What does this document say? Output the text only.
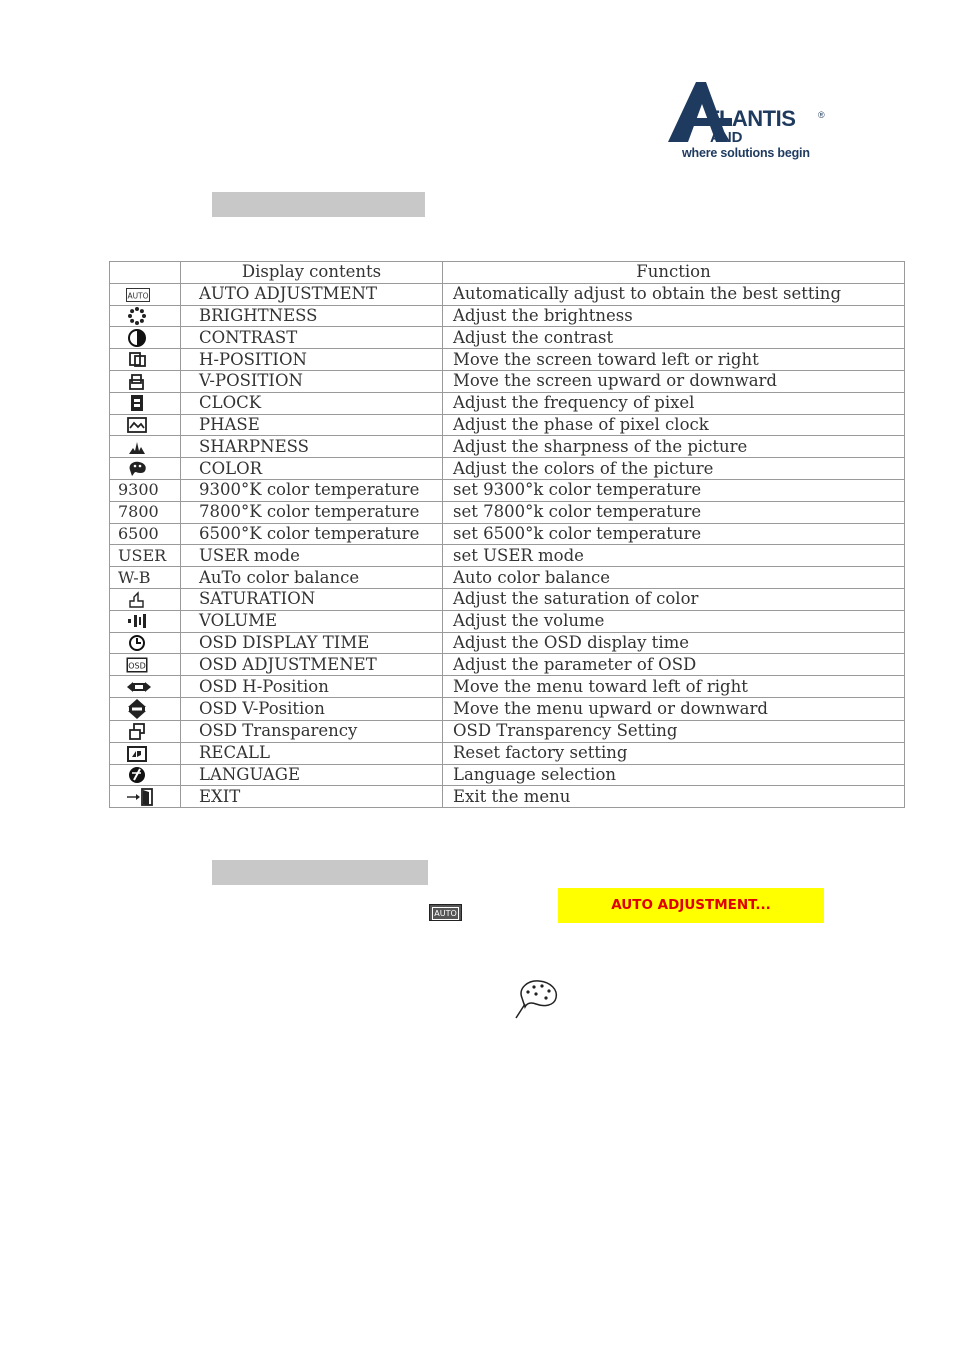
TLANTIS	®
AND
where solutions begin
	Display contents	Function

AUTO	AUTO ADJUSTMENT	Automatically adjust to obtain the best setting

	BRIGHTNESS	Adjust the brightness

	CONTRAST	Adjust the contrast

	H-POSITION	Move the screen toward left or right

	V-POSITION	Move the screen upward or downward

	CLOCK	Adjust the frequency of pixel

	PHASE	Adjust the phase of pixel clock

	SHARPNESS	Adjust the sharpness of the picture

	COLOR	Adjust the colors of the picture
9300	9300°K color temperature	set 9300°k color temperature
7800	7800°K color temperature	set 7800°k color temperature
6500	6500°K color temperature	set 6500°k color temperature
USER	USER mode	set USER mode
W-B	AuTo color balance	Auto color balance

	SATURATION	Adjust the saturation of color

	VOLUME	Adjust the volume

	OSD DISPLAY TIME	Adjust the OSD display time

OSD	OSD ADJUSTMENET	Adjust the parameter of OSD

	OSD H-Position	Move the menu toward left of right

	OSD V-Position	Move the menu upward or downward

	OSD Transparency	OSD Transparency Setting

	RECALL	Reset factory setting

	LANGUAGE	Language selection

	EXIT	Exit the menu
AUTO
AUTO ADJUSTMENT...
